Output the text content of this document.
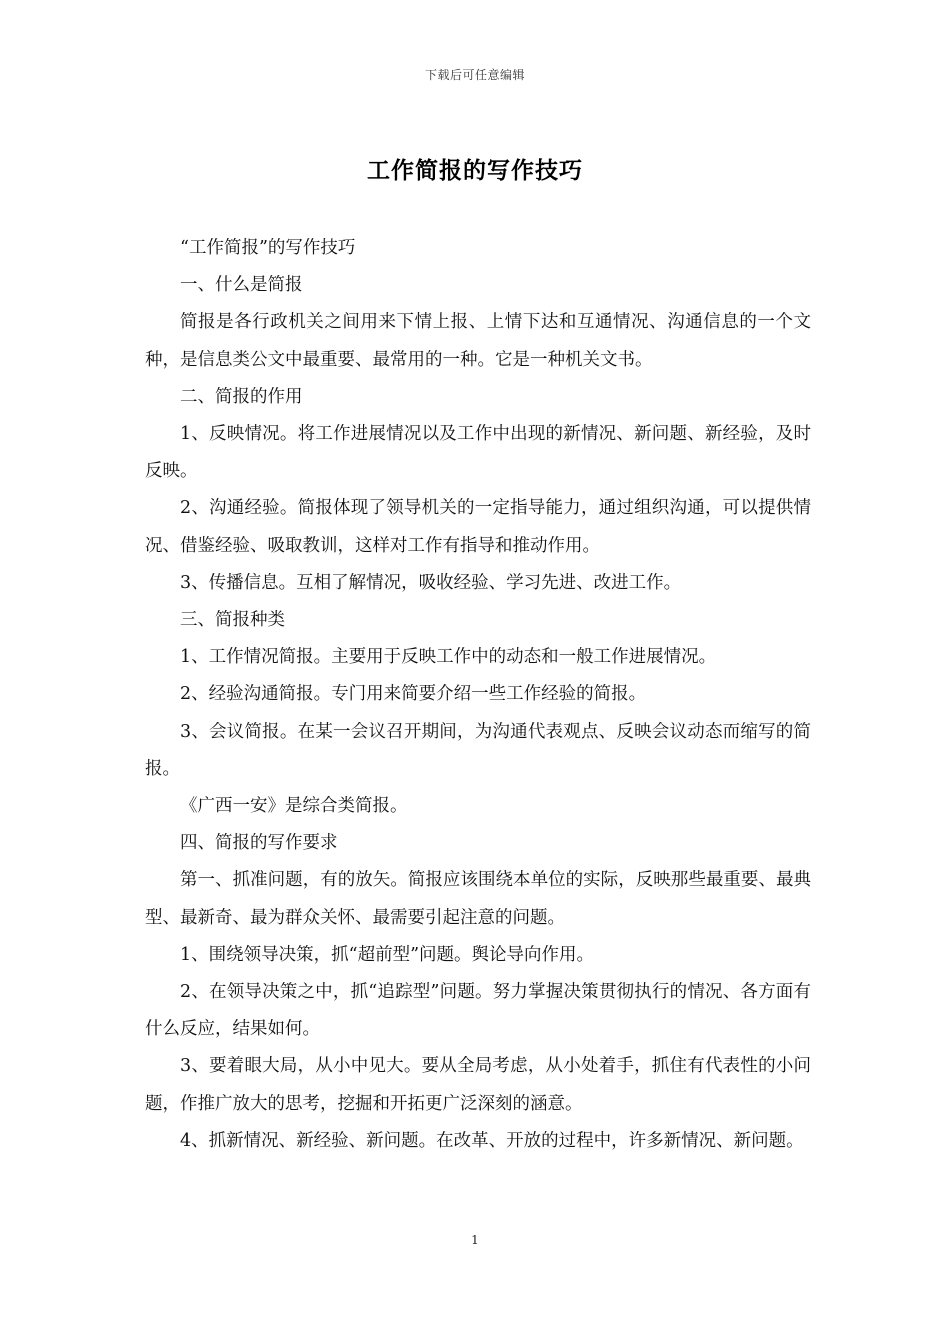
下载后可任意编辑
工作简报的写作技巧

“工作简报”的写作技巧

一、什么是简报

简报是各行政机关之间用来下情上报、上情下达和互通情况、沟通信息的一个文种，是信息类公文中最重要、最常用的一种。它是一种机关文书。

二、简报的作用

1、反映情况。将工作进展情况以及工作中出现的新情况、新问题、新经验，及时反映。

2、沟通经验。简报体现了领导机关的一定指导能力，通过组织沟通，可以提供情况、借鉴经验、吸取教训，这样对工作有指导和推动作用。

3、传播信息。互相了解情况，吸收经验、学习先进、改进工作。

三、简报种类

1、工作情况简报。主要用于反映工作中的动态和一般工作进展情况。

2、经验沟通简报。专门用来简要介绍一些工作经验的简报。

3、会议简报。在某一会议召开期间，为沟通代表观点、反映会议动态而缩写的简报。

《广西一安》是综合类简报。

四、简报的写作要求

第一、抓准问题，有的放矢。简报应该围绕本单位的实际，反映那些最重要、最典型、最新奇、最为群众关怀、最需要引起注意的问题。

1、围绕领导决策，抓“超前型”问题。舆论导向作用。

2、在领导决策之中，抓“追踪型”问题。努力掌握决策贯彻执行的情况、各方面有什么反应，结果如何。

3、要着眼大局，从小中见大。要从全局考虑，从小处着手，抓住有代表性的小问题，作推广放大的思考，挖掘和开拓更广泛深刻的涵意。

4、抓新情况、新经验、新问题。在改革、开放的过程中，许多新情况、新问题。

1
